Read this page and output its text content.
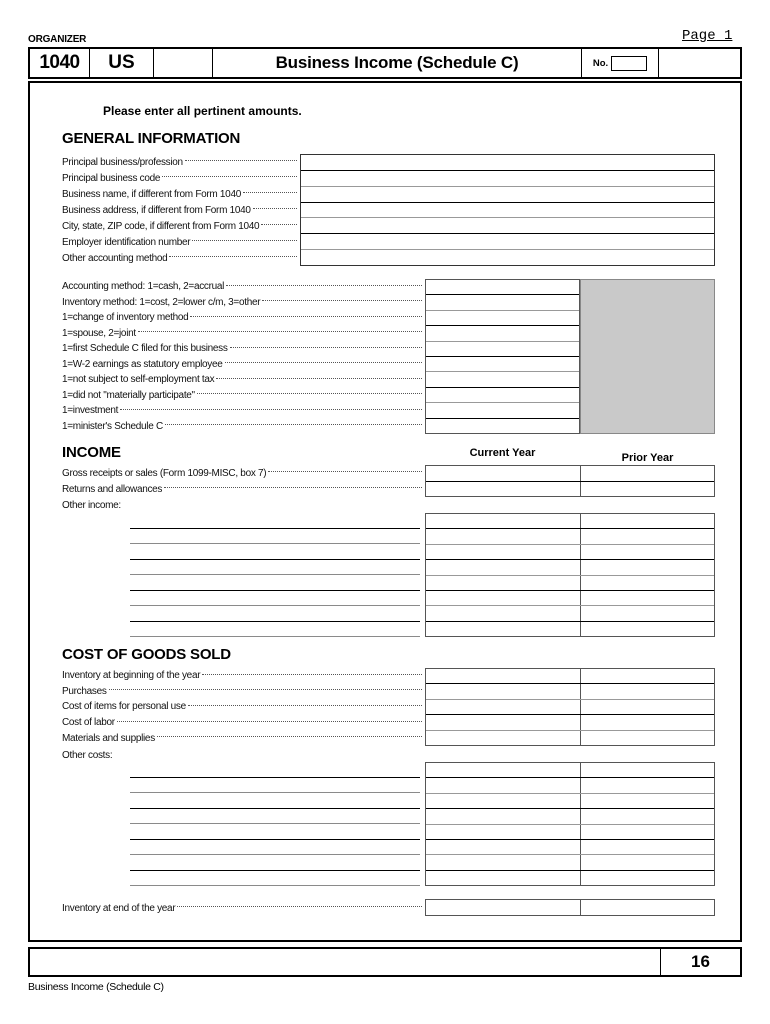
ORGANIZER	Page 1
1040	US	Business Income (Schedule C)	No.
Please enter all pertinent amounts.
GENERAL INFORMATION
Principal business/profession
Principal business code
Business name, if different from Form 1040
Business address, if different from Form 1040
City, state, ZIP code, if different from Form 1040
Employer identification number
Other accounting method
Accounting method: 1=cash, 2=accrual
Inventory method: 1=cost, 2=lower c/m, 3=other
1=change of inventory method
1=spouse, 2=joint
1=first Schedule C filed for this business
1=W-2 earnings as statutory employee
1=not subject to self-employment tax
1=did not "materially participate"
1=investment
1=minister's Schedule C
INCOME	Current Year	Prior Year
Gross receipts or sales (Form 1099-MISC, box 7)
Returns and allowances
Other income:
COST OF GOODS SOLD
Inventory at beginning of the year
Purchases
Cost of items for personal use
Cost of labor
Materials and supplies
Other costs:
Inventory at end of the year
16
Business Income (Schedule C)
